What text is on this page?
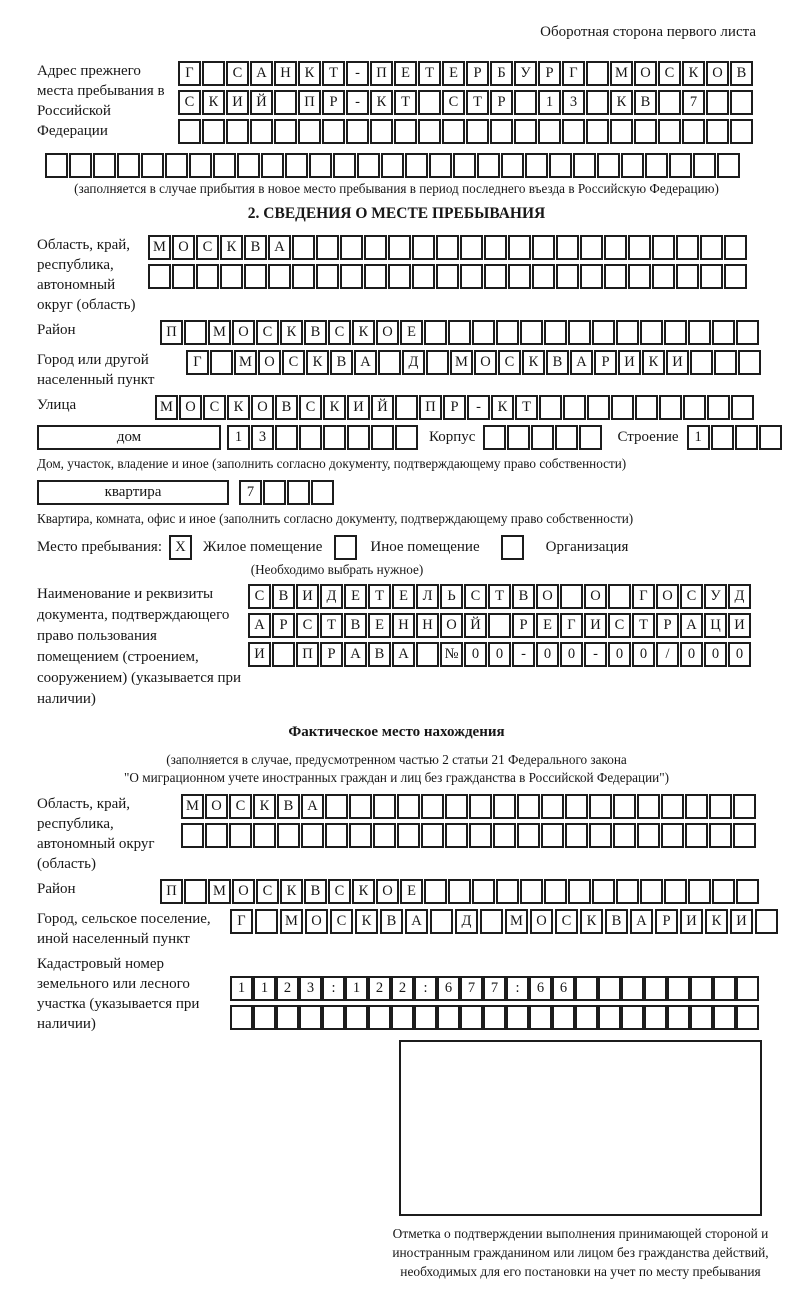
Оборотная сторона первого листа
Адрес прежнего места пребывания в Российской Федерации
Г	С А Н К	Т	-	П Е	Т	Е	Р	Б	У	Р	Г	М О С К О В
С К И Й	П	Р	-	К	Т	С	Т	Р	1	3	К В	7
(заполняется в случае прибытия в новое место пребывания в период последнего въезда в Российскую Федерацию)
2. СВЕДЕНИЯ О МЕСТЕ ПРЕБЫВАНИЯ
Область, край, республика, автономный округ (область)
М О С К В А
Район	П	М О С К В С К О Е
Город или другой населенный пункт
Г	М О С К В А	Д	М О С К В А	Р	И К И
Улица	М О С К О В С К И Й	П	Р	-	К	Т
дом	1	3	Корпус	Строение	1
Дом, участок, владение и иное (заполнить согласно документу, подтверждающему право собственности)
квартира	7
Квартира, комната, офис и иное (заполнить согласно документу, подтверждающему право собственности)
Место пребывания: X	Жилое помещение	Иное помещение	Организация
(Необходимо выбрать нужное)
Наименование и реквизиты документа, подтверждающего право пользования помещением (строением, сооружением) (указывается при наличии)
С В И Д	Е	Т	Е	Л	Ь	С	Т	В О	О	Г	О С У Д
А	Р	С	Т	В	Е Н Н О Й	Р	Е	Г	И С	Т	Р	А Ц И
И	П	Р	А В А	№ 0	0	-	0	0	-	0	0	/	0	0	0
Фактическое место нахождения
(заполняется в случае, предусмотренном частью 2 статьи 21 Федерального закона
"О миграционном учете иностранных граждан и лиц без гражданства в Российской Федерации")
Область, край, республика, автономный округ (область)
М О С К В А
Район	П	М О С К В С К О Е
Город, сельское поселение, иной населенный пункт
Г	М О	С	К	В	А	Д	М О	С	К	В	А	Р	И	К	И
Кадастровый номер земельного или лесного участка (указывается при наличии)
1	1	2	3	:	1	2	2	:	6	7	7	:	6	6
Отметка о подтверждении выполнения принимающей стороной и иностранным гражданином или лицом без гражданства действий, необходимых для его постановки на учет по месту пребывания
